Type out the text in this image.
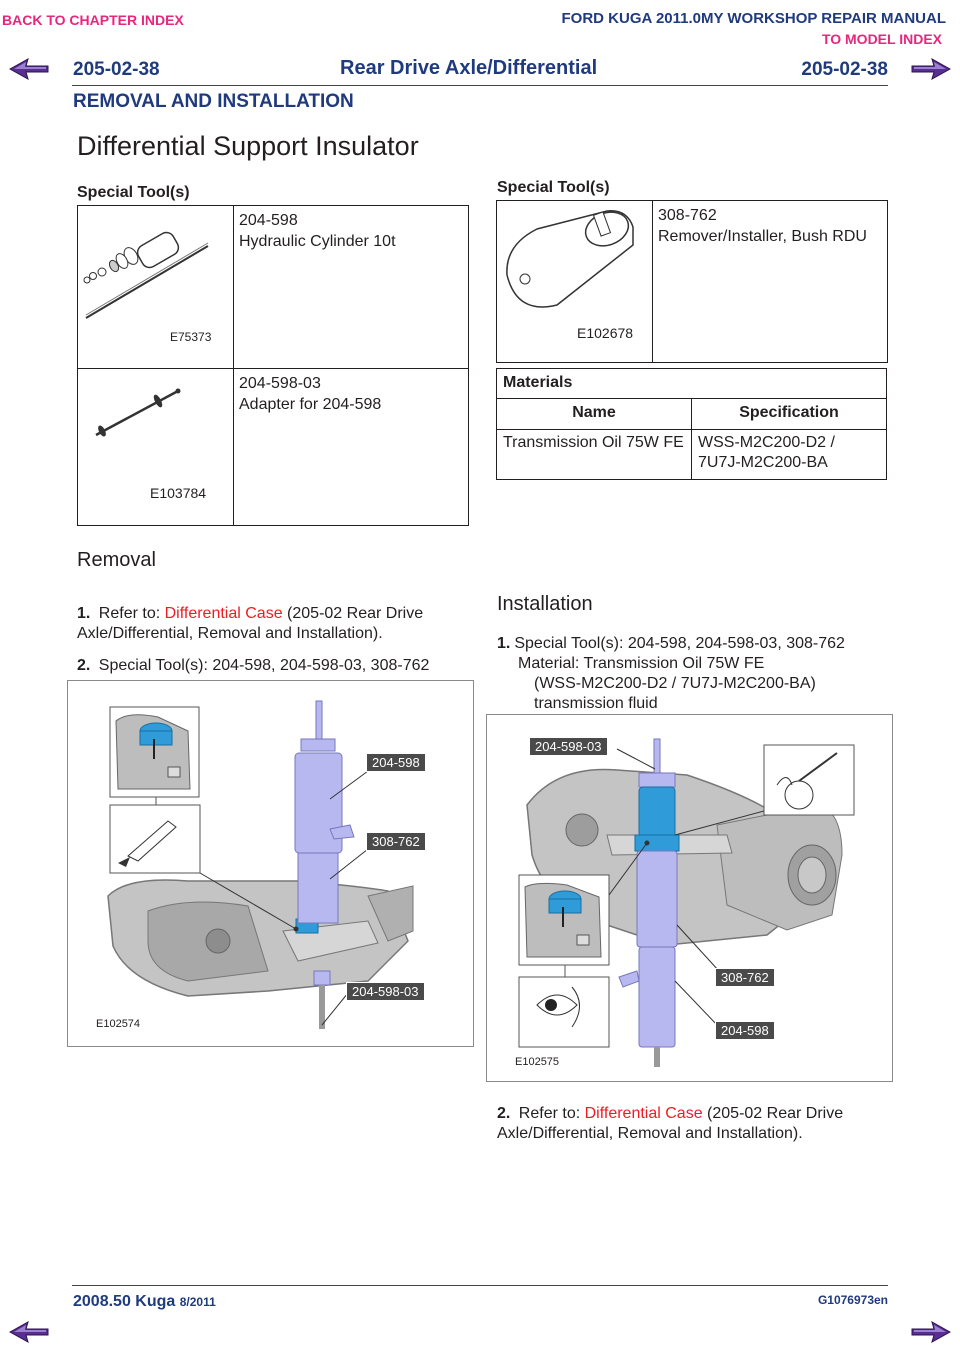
BACK TO CHAPTER INDEX	FORD KUGA 2011.0MY WORKSHOP REPAIR MANUAL
TO MODEL INDEX
205-02-38	Rear Drive Axle/Differential	205-02-38
REMOVAL AND INSTALLATION
Differential Support Insulator
Special Tool(s)
E75373	204-598
Hydraulic Cylinder 10t

E103784	204-598-03
Adapter for 204-598
Special Tool(s)
E102678

308-762
Remover/Installer, Bush RDU
Materials	
Name	Specification
Transmission Oil 75W FE	WSS-M2C200-D2 / 7U7J-M2C200-BA
Removal
1. Refer to: Differential Case (205-02 Rear Drive Axle/Differential, Removal and Installation).
2. Special Tool(s): 204-598, 204-598-03, 308-762
204-598
308-762
204-598-03
E102574
Installation
1. Special Tool(s): 204-598, 204-598-03, 308-762
Material: Transmission Oil 75W FE
(WSS-M2C200-D2 / 7U7J-M2C200-BA)
transmission fluid
204-598-03
308-762
204-598
E102575
2. Refer to: Differential Case (205-02 Rear Drive Axle/Differential, Removal and Installation).
2008.50 Kuga 8/2011	G1076973en
